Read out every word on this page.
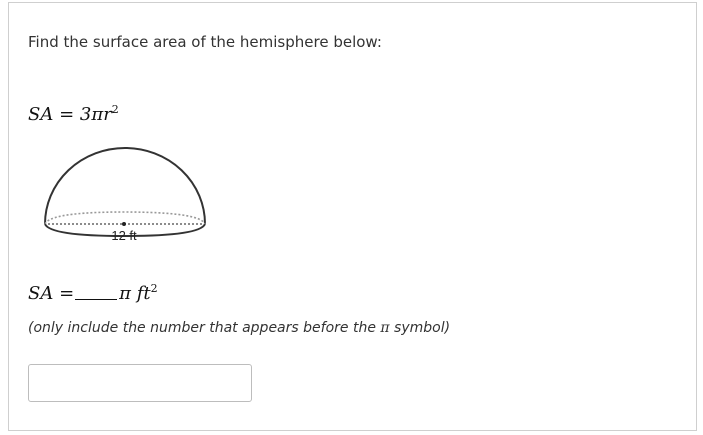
Find the surface area of the hemisphere below:
SA = $3\pi r^2$
12 ft
SA =	π $ft^2$
(only include the number that appears before the π symbol)
